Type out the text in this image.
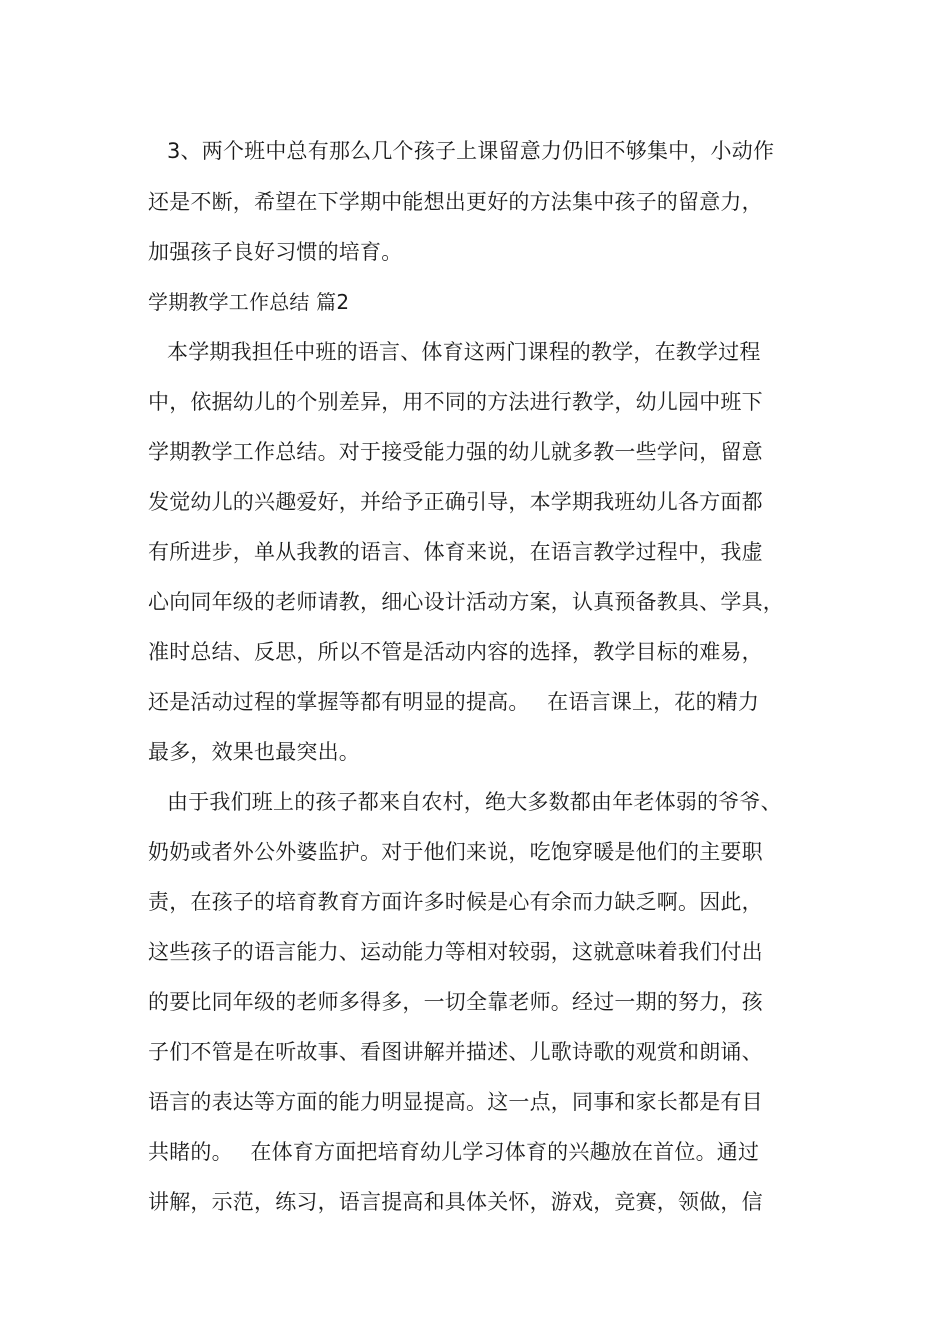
3、两个班中总有那么几个孩子上课留意力仍旧不够集中，小动作
还是不断，希望在下学期中能想出更好的方法集中孩子的留意力，
加强孩子良好习惯的培育。
学期教学工作总结 篇2
本学期我担任中班的语言、体育这两门课程的教学，在教学过程
中，依据幼儿的个别差异，用不同的方法进行教学，幼儿园中班下
学期教学工作总结。对于接受能力强的幼儿就多教一些学问，留意
发觉幼儿的兴趣爱好，并给予正确引导，本学期我班幼儿各方面都
有所进步，单从我教的语言、体育来说，在语言教学过程中，我虚
心向同年级的老师请教，细心设计活动方案，认真预备教具、学具，
准时总结、反思，所以不管是活动内容的选择，教学目标的难易，
还是活动过程的掌握等都有明显的提高。　 在语言课上，花的精力
最多，效果也最突出。
由于我们班上的孩子都来自农村，绝大多数都由年老体弱的爷爷、
奶奶或者外公外婆监护。对于他们来说，吃饱穿暖是他们的主要职
责，在孩子的培育教育方面许多时候是心有余而力缺乏啊。因此，
这些孩子的语言能力、运动能力等相对较弱，这就意味着我们付出
的要比同年级的老师多得多，一切全靠老师。经过一期的努力，孩
子们不管是在听故事、看图讲解并描述、儿歌诗歌的观赏和朗诵、
语言的表达等方面的能力明显提高。这一点，同事和家长都是有目
共睹的。　 在体育方面把培育幼儿学习体育的兴趣放在首位。通过
讲解，示范，练习，语言提高和具体关怀，游戏，竞赛，领做，信
